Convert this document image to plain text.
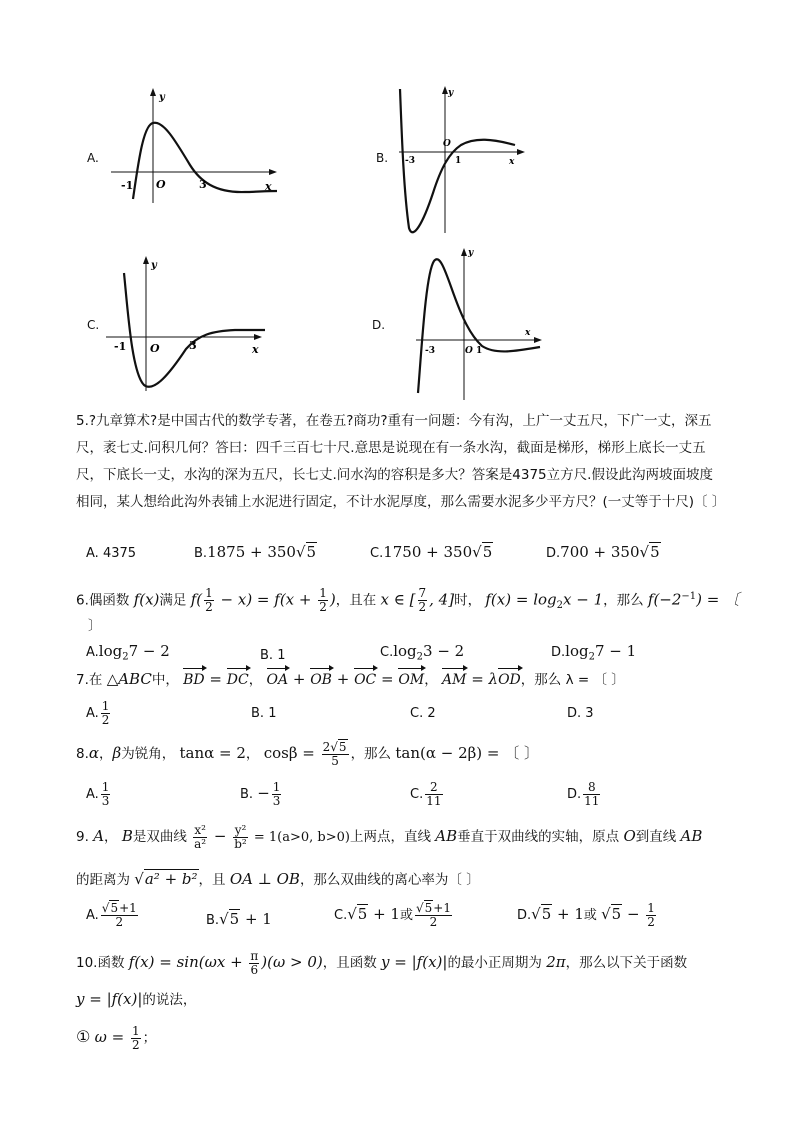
A.
y
x
O
-1	3
B.
y
x
O
-3	1
C.
y
x
O
-1	3
D.
y
x
O
-3	1
5.?九章算术?是中国古代的数学专著，在卷五?商功?重有一问题：今有沟，上广一丈五尺，下广一丈，深五尺，袤七丈.问积几何？答曰：四千三百七十尺.意思是说现在有一条水沟，截面是梯形，梯形上底长一丈五尺，下底长一丈，水沟的深为五尺，长七丈.问水沟的容积是多大？答案是4375立方尺.假设此沟两坡面坡度相同，某人想给此沟外表铺上水泥进行固定，不计水泥厚度，那么需要水泥多少平方尺？(一丈等于十尺)〔 〕
A. 4375	B.1875 + 350√5	C.1750 + 350√5	D.700 + 350√5
6.偶函数 f(x)满足 $f( \frac{1}{2} - x) = f(x + \frac{1}{2}$ )，且在 x ∈ [ $\frac{7}{2}$ , 4]时， $f(x) = \log_2x - 1$，那么 $f(-2^{-1})$ = 〔
〕
$A.\log_27 - 2$	B. 1	$C.\log_23 - 2$	$D.\log_27 - 1$
7.在 △ABC中， BD = DC， OA + OB + OC = OM， AM = λOD，那么 λ = 〔 〕
A. $\frac{1}{2}$	B. 1	C. 2	D. 3
8.α，β为锐角， tanα = 2， $\cos\beta = \frac{2√5}{5}$ ，那么 tan(α − 2β) = 〔 〕
A. $\frac{1}{3}$	B. − $\frac{1}{3}$	C. $\frac{2}{11}$	D. $\frac{8}{11}$
9. A， B是双曲线 $\frac{\text{x²}}{\text{a²}} - \frac{\text{y²}}{\text{b²}} = 1(a>0$, b>0)上两点，直线 AB垂直于双曲线的实轴，原点 O到直线 AB
的距离为 √a² + b²，且 OA ⊥ OB，那么双曲线的离心率为〔 〕
A. $\frac{√5+1}{2}$	B.√5 + 1	C.√5 + 1或 $\frac{√5+1}{2}$	D.√5 + 1或 $√5 - \frac{1}{2}$
10.函数 $f(x) = \sin(\omega x + \frac{\pi}{6} )(\omega > 0)$，且函数 y = |f(x)|的最小正周期为 2π，那么以下关于函数
y = |f(x)|的说法，
① $\omega = \frac{1}{2}$ ；
